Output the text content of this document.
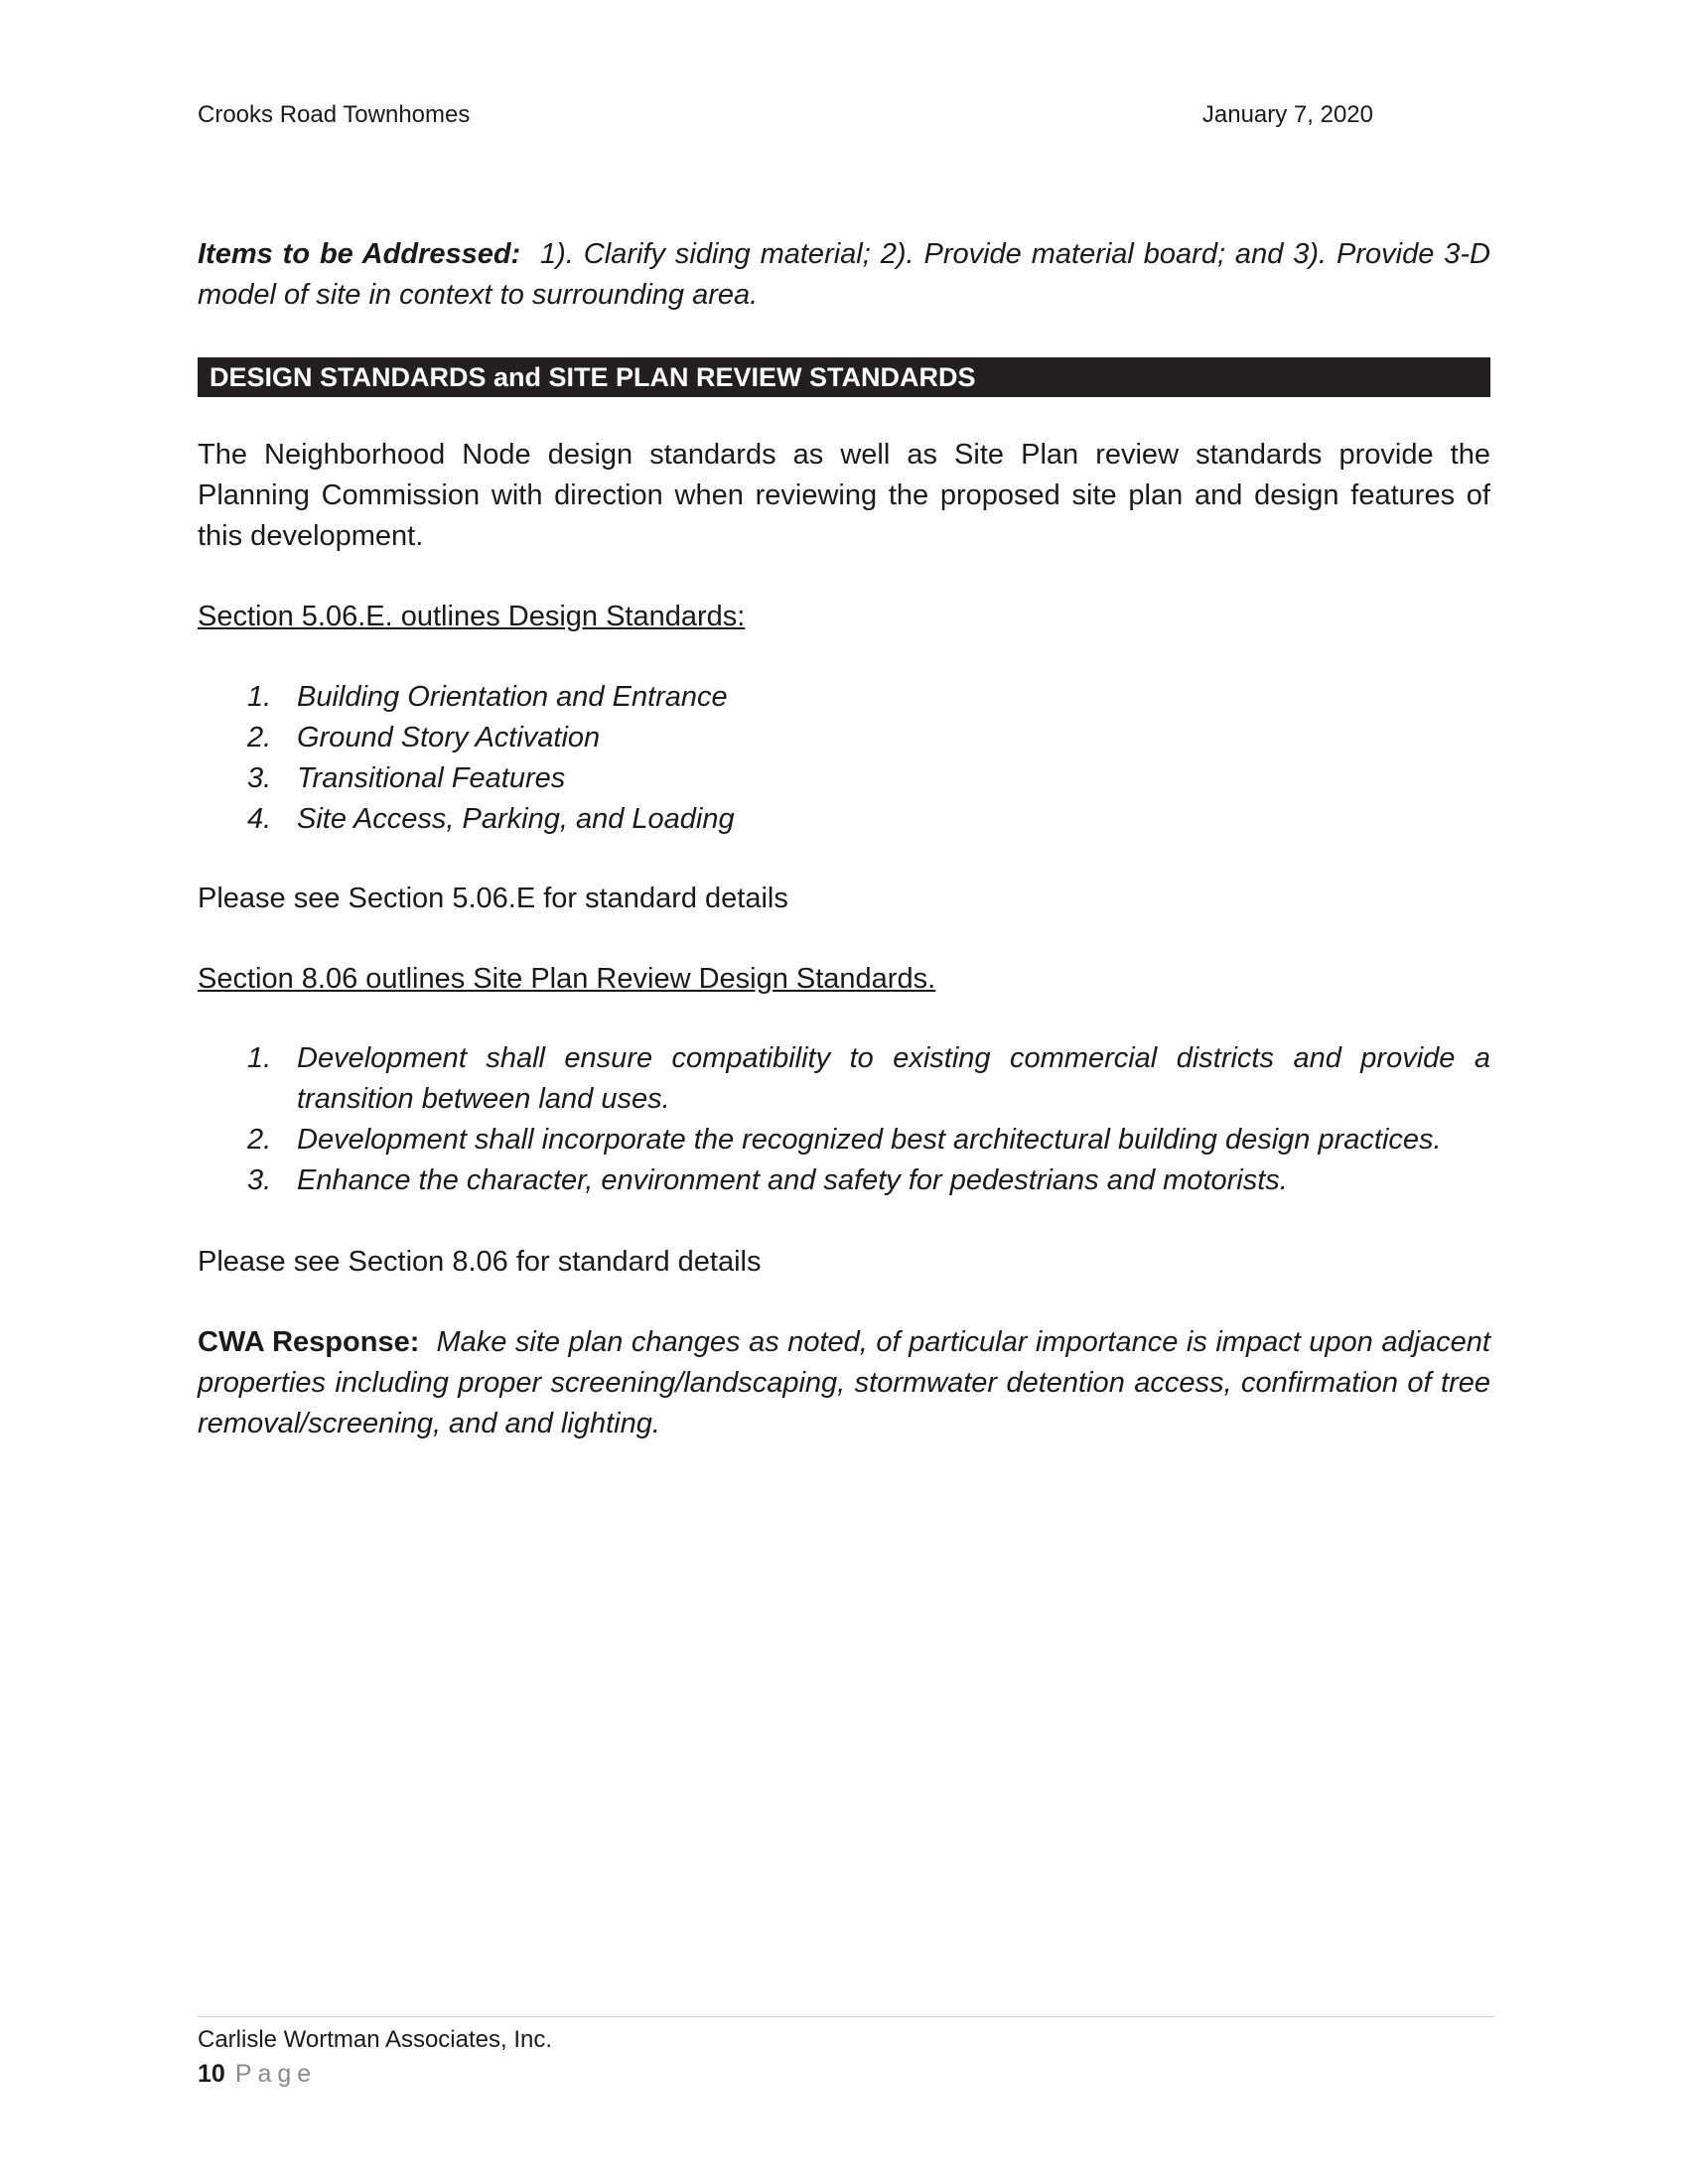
Crooks Road Townhomes	January 7, 2020

Items to be Addressed: 1). Clarify siding material; 2). Provide material board; and 3). Provide 3-D model of site in context to surrounding area.

DESIGN STANDARDS and SITE PLAN REVIEW STANDARDS

The Neighborhood Node design standards as well as Site Plan review standards provide the Planning Commission with direction when reviewing the proposed site plan and design features of this development.

Section 5.06.E. outlines Design Standards:
1. Building Orientation and Entrance
2. Ground Story Activation
3. Transitional Features
4. Site Access, Parking, and Loading

Please see Section 5.06.E for standard details

Section 8.06 outlines Site Plan Review Design Standards.
1. Development shall ensure compatibility to existing commercial districts and provide a transition between land uses.
2. Development shall incorporate the recognized best architectural building design practices.
3. Enhance the character, environment and safety for pedestrians and motorists.

Please see Section 8.06 for standard details

CWA Response: Make site plan changes as noted, of particular importance is impact upon adjacent properties including proper screening/landscaping, stormwater detention access, confirmation of tree removal/screening, and and lighting.

Carlisle Wortman Associates, Inc.
10 Page
